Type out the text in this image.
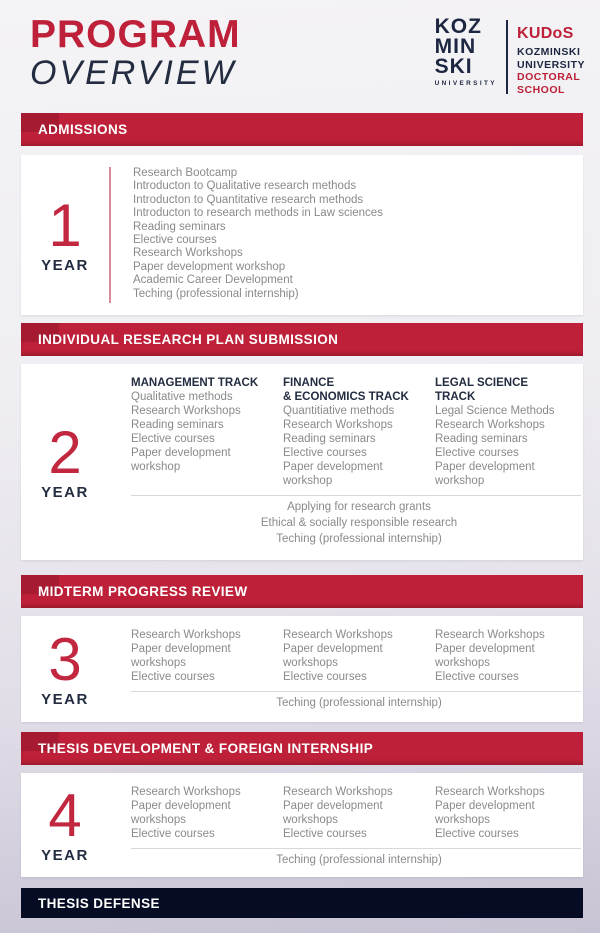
PROGRAM
OVERVIEW
KOZ
MIN
SKI
UNIVERSITY
KUDoS
KOZMINSKI
UNIVERSITY
DOCTORAL
SCHOOL
ADMISSIONS
1
YEAR
Research Bootcamp
Introducton to Qualitative research methods
Introducton to Quantitative research methods
Introducton to research methods in Law sciences
Reading seminars
Elective courses
Research Workshops
Paper development workshop
Academic Career Development
Teching (professional internship)
INDIVIDUAL RESEARCH PLAN SUBMISSION
2
YEAR
MANAGEMENT TRACK
Qualitative methods
Research Workshops
Reading seminars
Elective courses
Paper development workshop
FINANCE
& ECONOMICS TRACK
Quantitiative methods
Research Workshops
Reading seminars
Elective courses
Paper development workshop
LEGAL SCIENCE
TRACK
Legal Science Methods
Research Workshops
Reading seminars
Elective courses
Paper development workshop
Applying for research grants
Ethical & socially responsible research
Teching (professional internship)
MIDTERM PROGRESS REVIEW
3
YEAR
Research Workshops
Paper development workshops
Elective courses
Research Workshops
Paper development workshops
Elective courses
Research Workshops
Paper development workshops
Elective courses
Teching (professional internship)
THESIS DEVELOPMENT & FOREIGN INTERNSHIP
4
YEAR
Research Workshops
Paper development workshops
Elective courses
Research Workshops
Paper development workshops
Elective courses
Research Workshops
Paper development workshops
Elective courses
Teching (professional internship)
THESIS DEFENSE
